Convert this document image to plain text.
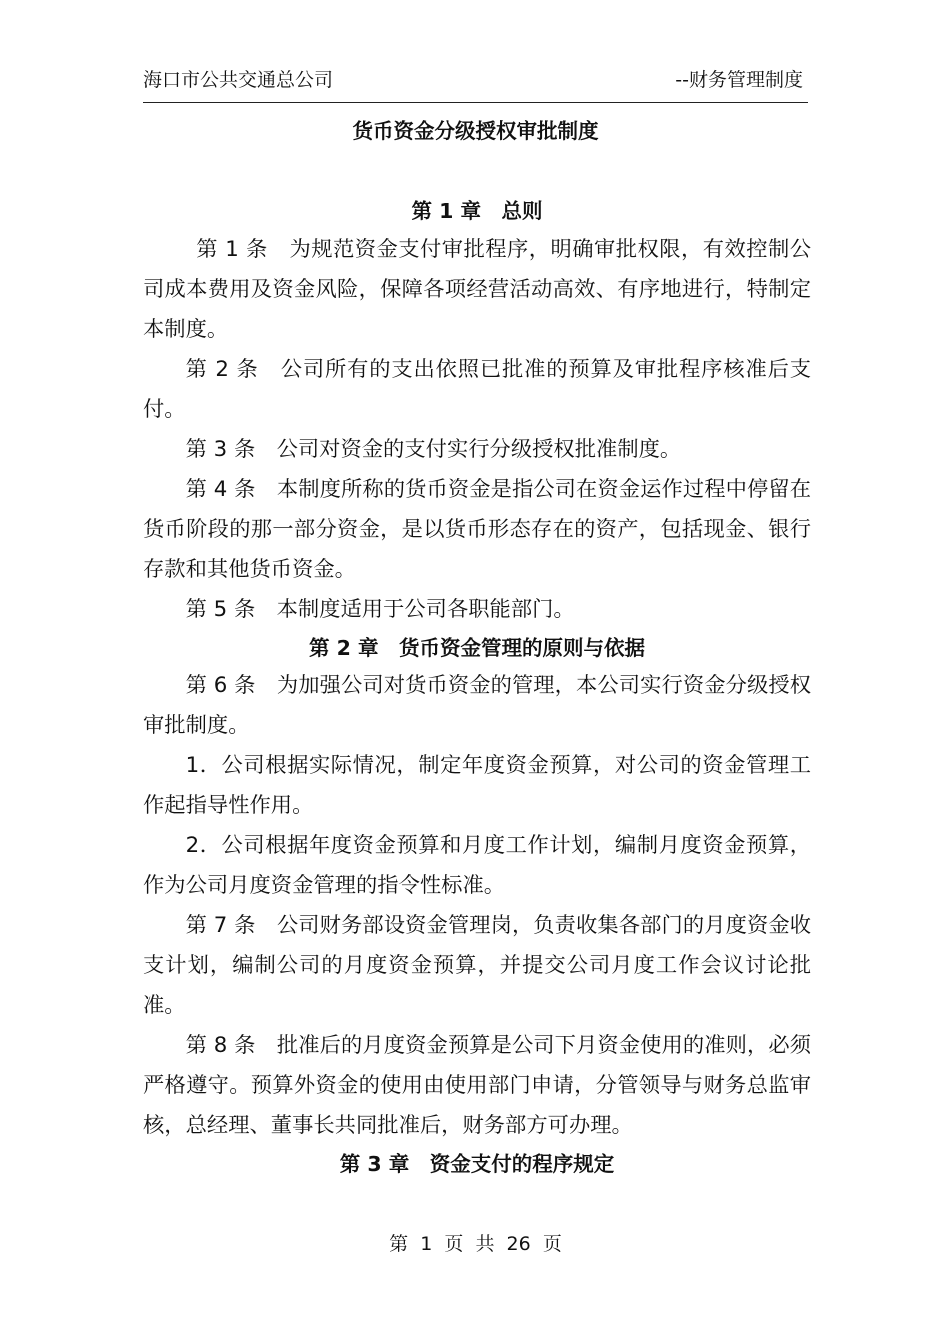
海口市公共交通总公司	--财务管理制度
货币资金分级授权审批制度
第 1 章　总则

第 1 条　为规范资金支付审批程序，明确审批权限，有效控制公司成本费用及资金风险，保障各项经营活动高效、有序地进行，特制定本制度。

第 2 条　公司所有的支出依照已批准的预算及审批程序核准后支付。

第 3 条　公司对资金的支付实行分级授权批准制度。

第 4 条　本制度所称的货币资金是指公司在资金运作过程中停留在货币阶段的那一部分资金，是以货币形态存在的资产，包括现金、银行存款和其他货币资金。

第 5 条　本制度适用于公司各职能部门。

第 2 章　货币资金管理的原则与依据

第 6 条　为加强公司对货币资金的管理，本公司实行资金分级授权审批制度。

1．公司根据实际情况，制定年度资金预算，对公司的资金管理工作起指导性作用。

2．公司根据年度资金预算和月度工作计划，编制月度资金预算，作为公司月度资金管理的指令性标准。

第 7 条　公司财务部设资金管理岗，负责收集各部门的月度资金收支计划，编制公司的月度资金预算，并提交公司月度工作会议讨论批准。

第 8 条　批准后的月度资金预算是公司下月资金使用的准则，必须严格遵守。预算外资金的使用由使用部门申请，分管领导与财务总监审核，总经理、董事长共同批准后，财务部方可办理。

第 3 章　资金支付的程序规定
第  1  页  共  26  页
